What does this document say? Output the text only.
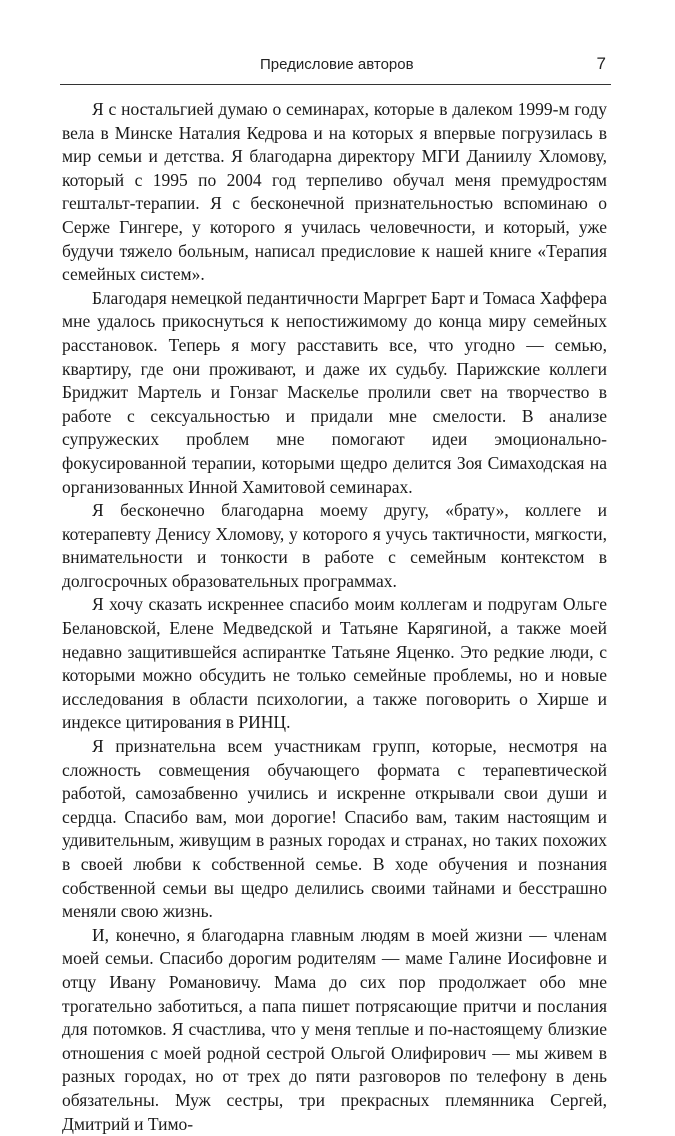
Предисловие авторов	7

Я с ностальгией думаю о семинарах, которые в далеком 1999-м году вела в Минске Наталия Кедрова и на которых я впервые погрузилась в мир семьи и детства. Я благодарна директору МГИ Даниилу Хломову, который с 1995 по 2004 год терпеливо обучал меня премудростям гештальт-терапии. Я с бесконечной признательностью вспоминаю о Серже Гингере, у которого я училась человечности, и который, уже будучи тяжело больным, написал предисловие к нашей книге «Терапия семейных систем».

Благодаря немецкой педантичности Маргрет Барт и Томаса Хаффера мне удалось прикоснуться к непостижимому до конца миру семейных расстановок. Теперь я могу расставить все, что угодно — семью, квартиру, где они проживают, и даже их судьбу. Парижские коллеги Бриджит Мартель и Гонзаг Маскелье пролили свет на творчество в работе с сексуальностью и придали мне смелости. В анализе супружеских проблем мне помогают идеи эмоционально-фокусированной терапии, которыми щедро делится Зоя Симаходская на организованных Инной Хамитовой семинарах.

Я бесконечно благодарна моему другу, «брату», коллеге и котерапевту Денису Хломову, у которого я учусь тактичности, мягкости, внимательности и тонкости в работе с семейным контекстом в долгосрочных образовательных программах.

Я хочу сказать искреннее спасибо моим коллегам и подругам Ольге Белановской, Елене Медведской и Татьяне Карягиной, а также моей недавно защитившейся аспирантке Татьяне Яценко. Это редкие люди, с которыми можно обсудить не только семейные проблемы, но и новые исследования в области психологии, а также поговорить о Хирше и индексе цитирования в РИНЦ.

Я признательна всем участникам групп, которые, несмотря на сложность совмещения обучающего формата с терапевтической работой, самозабвенно учились и искренне открывали свои души и сердца. Спасибо вам, мои дорогие! Спасибо вам, таким настоящим и удивительным, живущим в разных городах и странах, но таких похожих в своей любви к собственной семье. В ходе обучения и познания собственной семьи вы щедро делились своими тайнами и бесстрашно меняли свою жизнь.

И, конечно, я благодарна главным людям в моей жизни — членам моей семьи. Спасибо дорогим родителям — маме Галине Иосифовне и отцу Ивану Романовичу. Мама до сих пор продолжает обо мне трогательно заботиться, а папа пишет потрясающие притчи и послания для потомков. Я счастлива, что у меня теплые и по-настоящему близкие отношения с моей родной сестрой Ольгой Олифирович — мы живем в разных городах, но от трех до пяти разговоров по телефону в день обязательны. Муж сестры, три прекрасных племянника Сергей, Дмитрий и Тимо-
